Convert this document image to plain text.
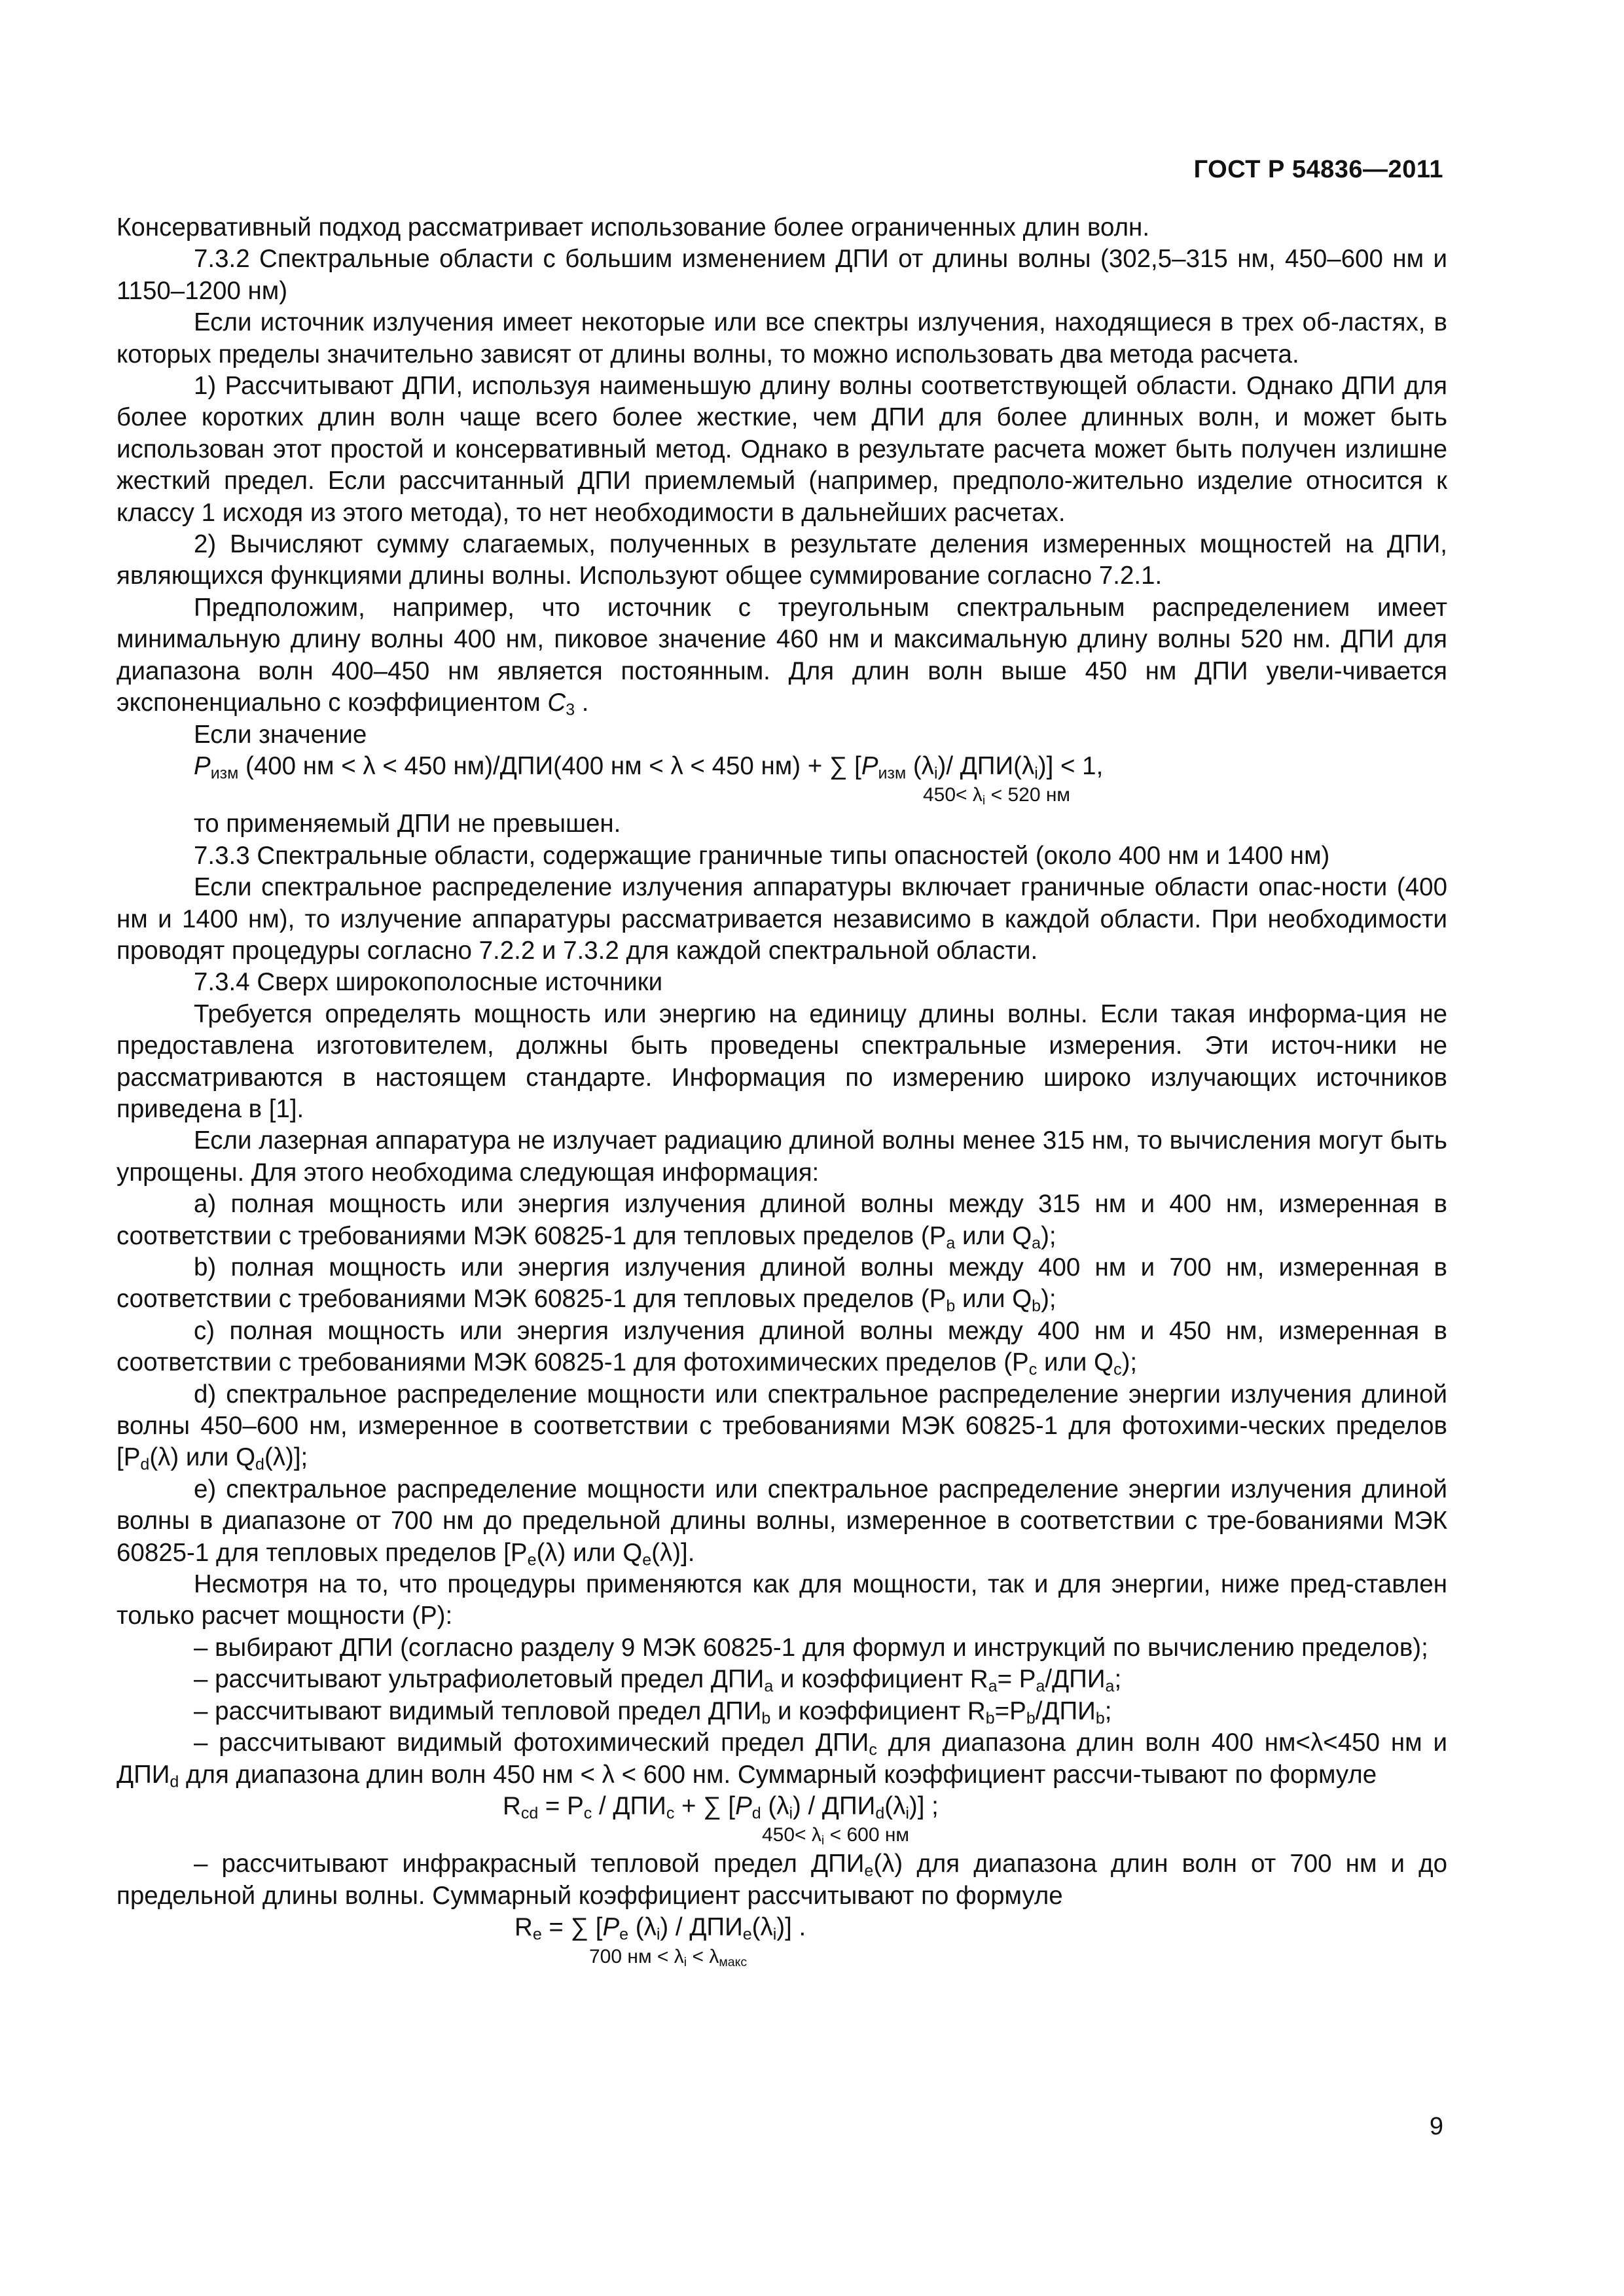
ГОСТ Р 54836—2011

Консервативный подход рассматривает использование более ограниченных длин волн.

7.3.2 Спектральные области с большим изменением ДПИ от длины волны (302,5–315 нм, 450–600 нм и 1150–1200 нм)

Если источник излучения имеет некоторые или все спектры излучения, находящиеся в трех об-ластях, в которых пределы значительно зависят от длины волны, то можно использовать два метода расчета.

1) Рассчитывают ДПИ, используя наименьшую длину волны соответствующей области. Однако ДПИ для более коротких длин волн чаще всего более жесткие, чем ДПИ для более длинных волн, и может быть использован этот простой и консервативный метод. Однако в результате расчета может быть получен излишне жесткий предел. Если рассчитанный ДПИ приемлемый (например, предполо-жительно изделие относится к классу 1 исходя из этого метода), то нет необходимости в дальнейших расчетах.

2) Вычисляют сумму слагаемых, полученных в результате деления измеренных мощностей на ДПИ, являющихся функциями длины волны. Используют общее суммирование согласно 7.2.1.

Предположим, например, что источник с треугольным спектральным распределением имеет минимальную длину волны 400 нм, пиковое значение 460 нм и максимальную длину волны 520 нм. ДПИ для диапазона волн 400–450 нм является постоянным. Для длин волн выше 450 нм ДПИ увели-чивается экспоненциально с коэффициентом $C_3$ .

Если значение

$P_{изм}$ (400 нм < λ < 450 нм)/ДПИ(400 нм < λ < 450 нм) + ∑ [$P_{изм}$ $(\lambda_i)/$ $ДПИ(\lambda_i)] < 1$,

$450< \lambda_i < 520$ нм

то применяемый ДПИ не превышен.

7.3.3 Спектральные области, содержащие граничные типы опасностей (около 400 нм и 1400 нм)

Если спектральное распределение излучения аппаратуры включает граничные области опас-ности (400 нм и 1400 нм), то излучение аппаратуры рассматривается независимо в каждой области. При необходимости проводят процедуры согласно 7.2.2 и 7.3.2 для каждой спектральной области.

7.3.4 Сверх широкополосные источники

Требуется определять мощность или энергию на единицу длины волны. Если такая информа-ция не предоставлена изготовителем, должны быть проведены спектральные измерения. Эти источ-ники не рассматриваются в настоящем стандарте. Информация по измерению широко излучающих источников приведена в [1].

Если лазерная аппаратура не излучает радиацию длиной волны менее 315 нм, то вычисления могут быть упрощены. Для этого необходима следующая информация:

а) полная мощность или энергия излучения длиной волны между 315 нм и 400 нм, измеренная в соответствии с требованиями МЭК 60825-1 для тепловых пределов ($P_a$ или $Q_a$);

b) полная мощность или энергия излучения длиной волны между 400 нм и 700 нм, измеренная в соответствии с требованиями МЭК 60825-1 для тепловых пределов ($P_b$ или $Q_b$);

с) полная мощность или энергия излучения длиной волны между 400 нм и 450 нм, измеренная в соответствии с требованиями МЭК 60825-1 для фотохимических пределов ($P_c$ или $Q_c$);

d) спектральное распределение мощности или спектральное распределение энергии излучения длиной волны 450–600 нм, измеренное в соответствии с требованиями МЭК 60825-1 для фотохими-ческих пределов [$P_d(\lambda)$ или $Q_d(\lambda)$];

е) спектральное распределение мощности или спектральное распределение энергии излучения длиной волны в диапазоне от 700 нм до предельной длины волны, измеренное в соответствии с тре-бованиями МЭК 60825-1 для тепловых пределов [$P_e(\lambda)$ или $Q_e(\lambda)$].

Несмотря на то, что процедуры применяются как для мощности, так и для энергии, ниже пред-ставлен только расчет мощности (P):

– выбирают ДПИ (согласно разделу 9 МЭК 60825-1 для формул и инструкций по вычислению пределов);

– рассчитывают ультрафиолетовый предел $ДПИ_a$ и коэффициент $R_a= P_a/ДПИ_a$;

– рассчитывают видимый тепловой предел $ДПИ_b$ и коэффициент $R_b=P_b/ДПИ_b$;

– рассчитывают видимый фотохимический предел $ДПИ_c$ для диапазона длин волн 400 нм<λ<450 нм и $ДПИ_d$ для диапазона длин волн 450 нм < λ < 600 нм. Суммарный коэффициент рассчи-тывают по формуле

$R_{cd} = P_c / ДПИ_c$ + ∑ [$P_d$ $(\lambda_i) / ДПИ_d(\lambda_i)$] ;

$450< \lambda_i < 600$ нм

– рассчитывают инфракрасный тепловой предел $ДПИ_e(\lambda)$ для диапазона длин волн от 700 нм и до предельной длины волны. Суммарный коэффициент рассчитывают по формуле

$R_e$ = ∑ [$P_e$ $(\lambda_i) / ДПИ_e(\lambda_i)$] .

700 нм < $\lambda_i < \lambda_{макс}$

9
